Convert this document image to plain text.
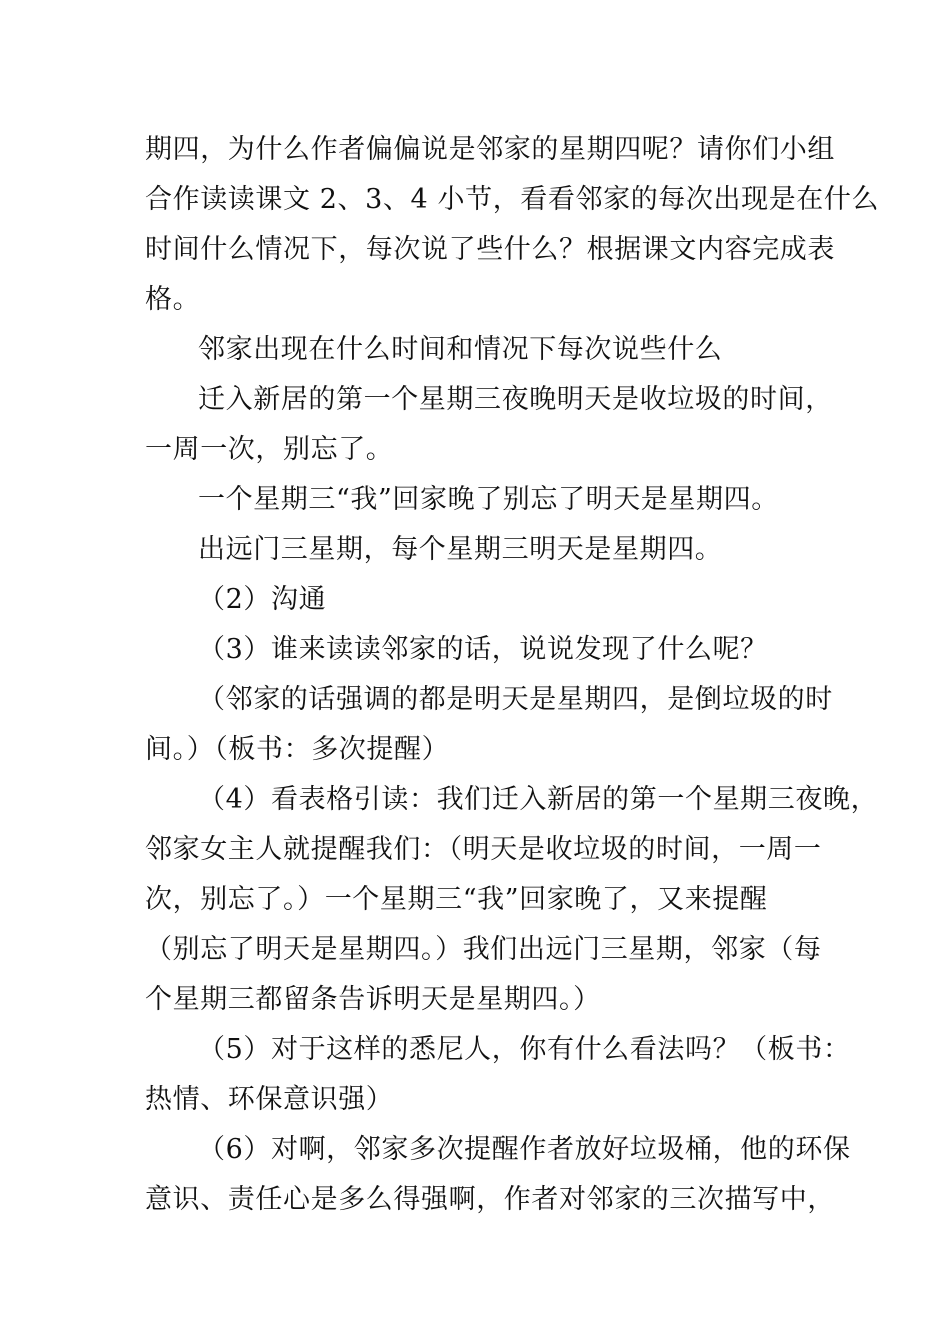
期四，为什么作者偏偏说是邻家的星期四呢？请你们小组
合作读读课文 2、3、4 小节，看看邻家的每次出现是在什么
时间什么情况下，每次说了些什么？根据课文内容完成表
格。
邻家出现在什么时间和情况下每次说些什么
迁入新居的第一个星期三夜晚明天是收垃圾的时间，
一周一次，别忘了。
一个星期三“我”回家晚了别忘了明天是星期四。
出远门三星期，每个星期三明天是星期四。
（2）沟通
（3）谁来读读邻家的话，说说发现了什么呢？
（邻家的话强调的都是明天是星期四，是倒垃圾的时
间。）（板书：多次提醒）
（4）看表格引读：我们迁入新居的第一个星期三夜晚，
邻家女主人就提醒我们：（明天是收垃圾的时间，一周一
次，别忘了。）一个星期三“我”回家晚了，又来提醒
（别忘了明天是星期四。）我们出远门三星期，邻家（每
个星期三都留条告诉明天是星期四。）
（5）对于这样的悉尼人，你有什么看法吗？（板书：
热情、环保意识强）
（6）对啊，邻家多次提醒作者放好垃圾桶，他的环保
意识、责任心是多么得强啊，作者对邻家的三次描写中，
